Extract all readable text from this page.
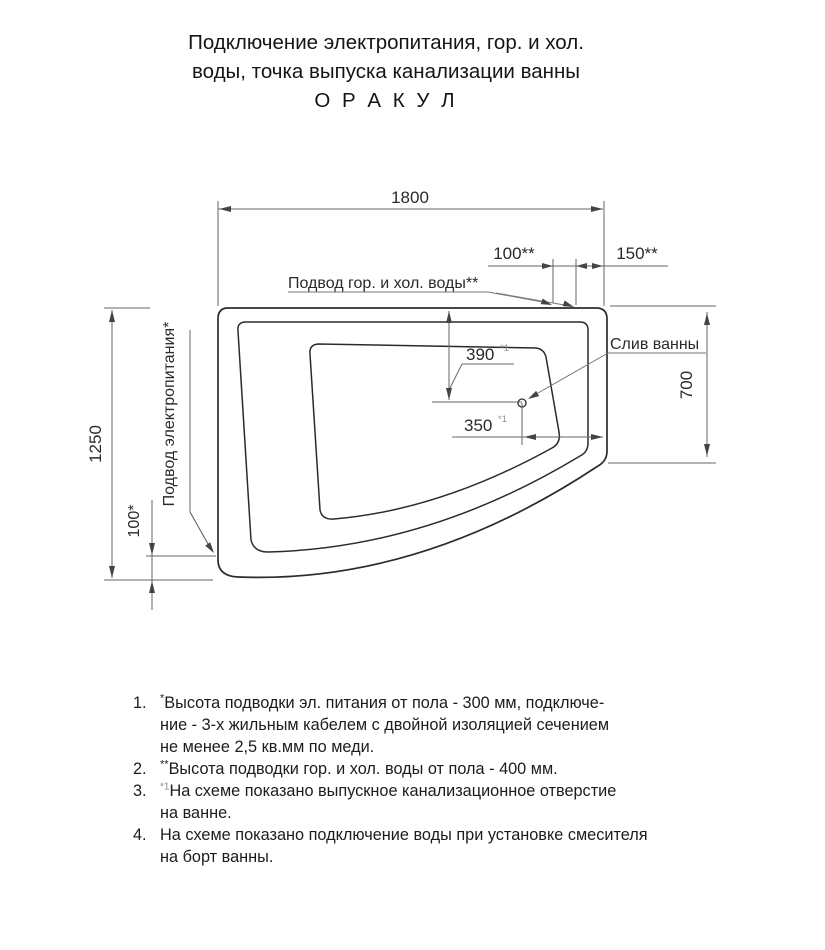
Подключение электропитания, гор. и хол.
воды, точка выпуска канализации ванны
О Р А К У Л
1800
100**	150**
Подвод гор. и хол. воды**
Слив ванны
700
1250
390 *1
350 *1
100*
Подвод электропитания*
1.	*Высота подводки эл. питания от пола - 300 мм, подключе-
ние - 3-х жильным кабелем с двойной изоляцией сечением
не менее 2,5 кв.мм по меди.
2.	**Высота подводки гор. и хол. воды от пола - 400 мм.
3.	$^{*1}$На схеме показано выпускное канализационное отверстие
на ванне.
4. На схеме показано подключение воды при установке смесителя
на борт ванны.
